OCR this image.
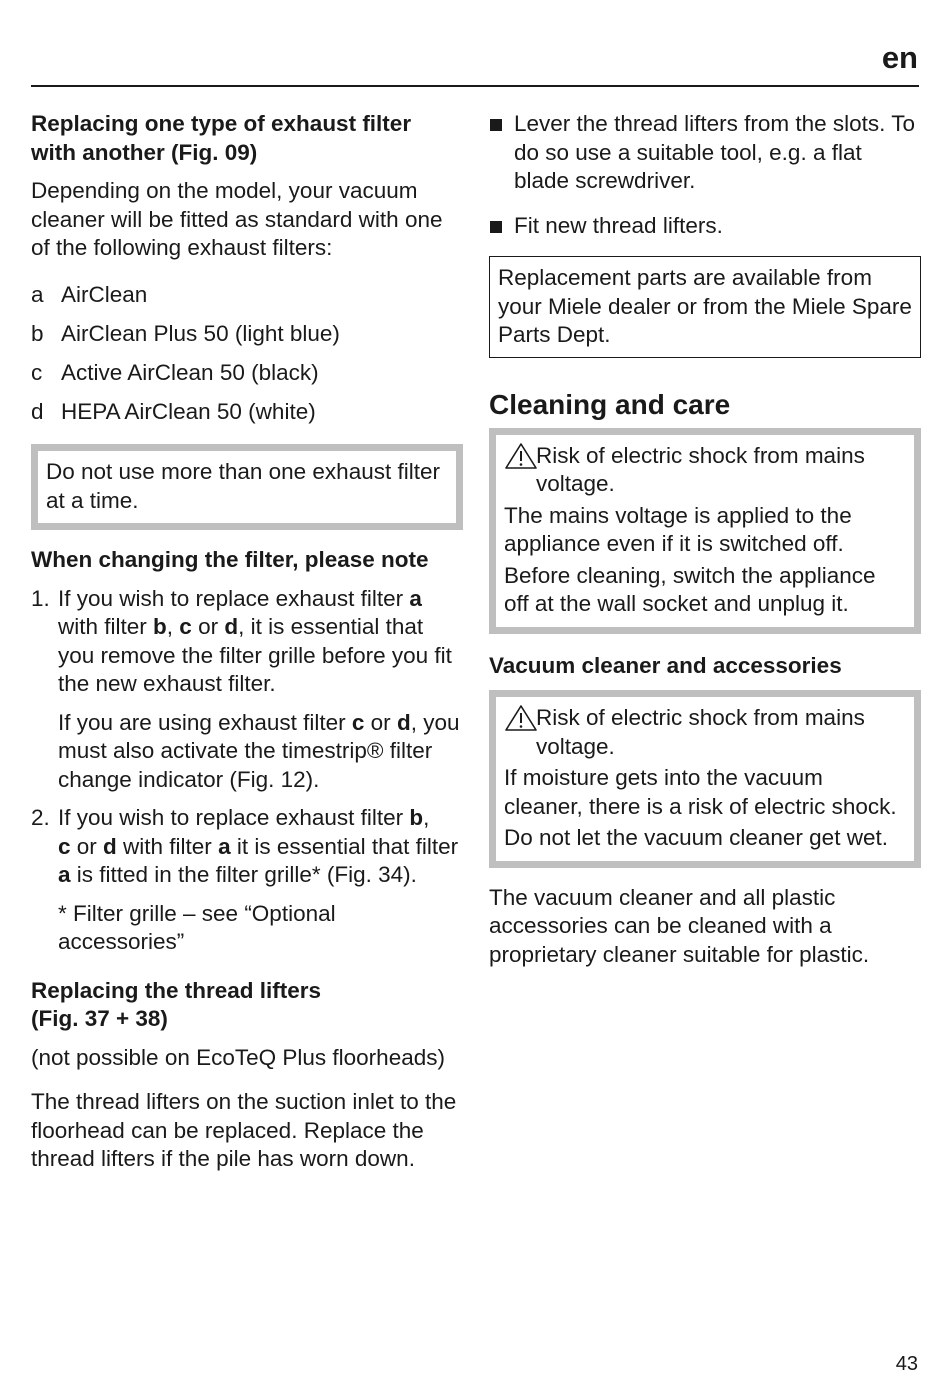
en

Replacing one type of exhaust filter
with another (Fig. 09)

Depending on the model, your vacuum cleaner will be fitted as standard with one of the following exhaust filters:

a AirClean
b AirClean Plus 50 (light blue)
c Active AirClean 50 (black)
d HEPA AirClean 50 (white)
Do not use more than one exhaust filter at a time.

When changing the filter, please note

1. If you wish to replace exhaust filter a with filter b, c or d, it is essential that you remove the filter grille before you fit the new exhaust filter.

If you are using exhaust filter c or d, you must also activate the timestrip® filter change indicator (Fig. 12).

2. If you wish to replace exhaust filter b,
c or d with filter a it is essential that filter a is fitted in the filter grille* (Fig. 34).

* Filter grille – see “Optional accessories”

Replacing the thread lifters
(Fig. 37 + 38)

(not possible on EcoTeQ Plus floorheads)

The thread lifters on the suction inlet to the floorhead can be replaced. Replace the thread lifters if the pile has worn down.

Lever the thread lifters from the slots. To do so use a suitable tool, e.g. a flat blade screwdriver.
Fit new thread lifters.
Replacement parts are available from your Miele dealer or from the Miele Spare Parts Dept.

Cleaning and care

Risk of electric shock from mains voltage.

The mains voltage is applied to the appliance even if it is switched off.

Before cleaning, switch the appliance off at the wall socket and unplug it.

Vacuum cleaner and accessories

Risk of electric shock from mains voltage.

If moisture gets into the vacuum cleaner, there is a risk of electric shock.

Do not let the vacuum cleaner get wet.

The vacuum cleaner and all plastic accessories can be cleaned with a proprietary cleaner suitable for plastic.

43
